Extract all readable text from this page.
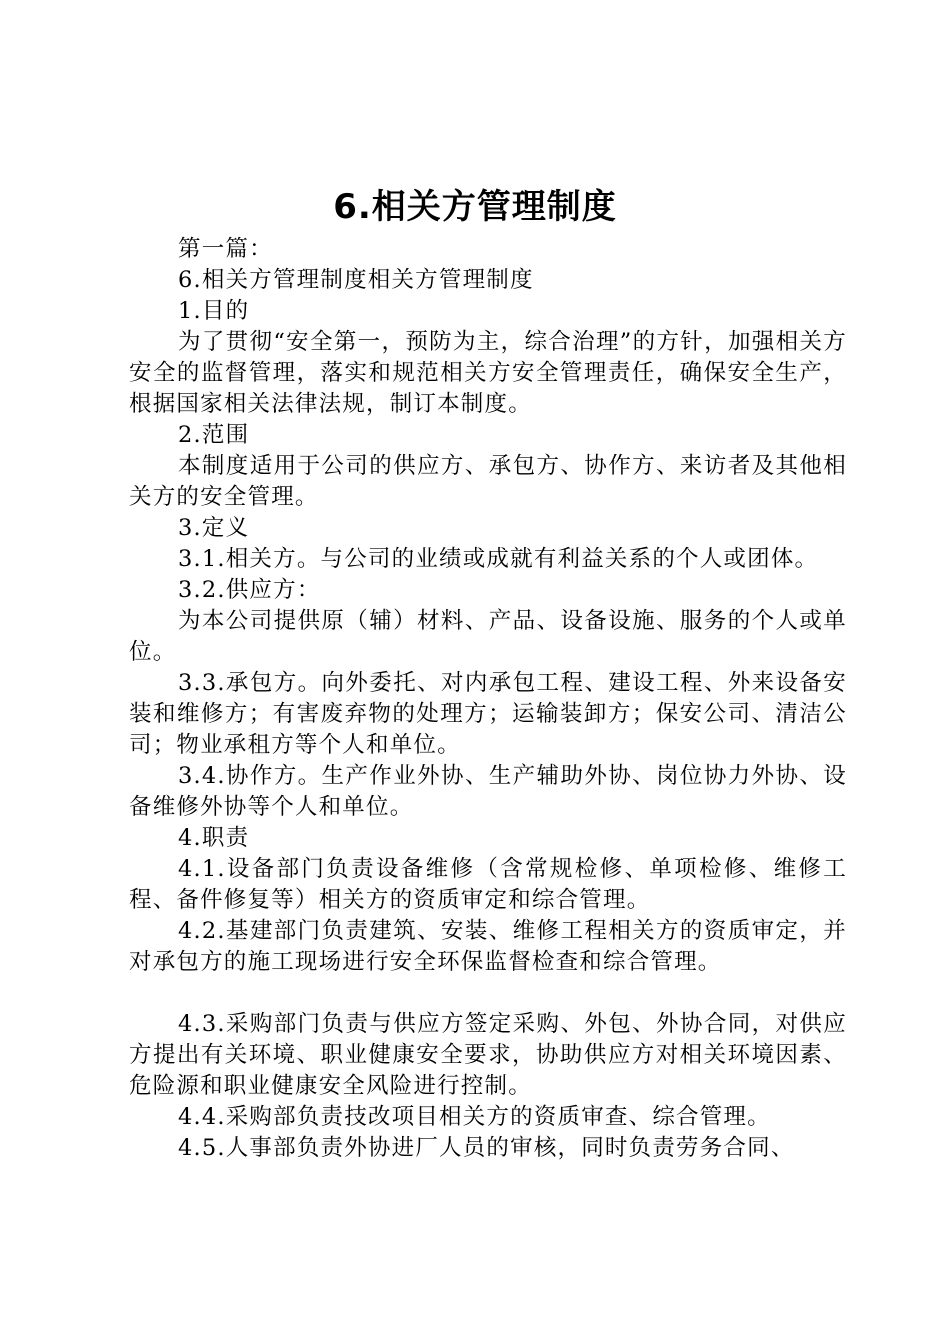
6.相关方管理制度

第一篇：

6.相关方管理制度相关方管理制度

1.目的

为了贯彻“安全第一，预防为主，综合治理”的方针，加强相关方安全的监督管理，落实和规范相关方安全管理责任，确保安全生产，根据国家相关法律法规，制订本制度。

2.范围

本制度适用于公司的供应方、承包方、协作方、来访者及其他相关方的安全管理。

3.定义

3.1.相关方。与公司的业绩或成就有利益关系的个人或团体。

3.2.供应方：

为本公司提供原（辅）材料、产品、设备设施、服务的个人或单位。

3.3.承包方。向外委托、对内承包工程、建设工程、外来设备安装和维修方；有害废弃物的处理方；运输装卸方；保安公司、清洁公司；物业承租方等个人和单位。

3.4.协作方。生产作业外协、生产辅助外协、岗位协力外协、设备维修外协等个人和单位。

4.职责

4.1.设备部门负责设备维修（含常规检修、单项检修、维修工程、备件修复等）相关方的资质审定和综合管理。

4.2.基建部门负责建筑、安装、维修工程相关方的资质审定，并对承包方的施工现场进行安全环保监督检查和综合管理。

4.3.采购部门负责与供应方签定采购、外包、外协合同，对供应方提出有关环境、职业健康安全要求，协助供应方对相关环境因素、危险源和职业健康安全风险进行控制。

4.4.采购部负责技改项目相关方的资质审查、综合管理。

4.5.人事部负责外协进厂人员的审核，同时负责劳务合同、
